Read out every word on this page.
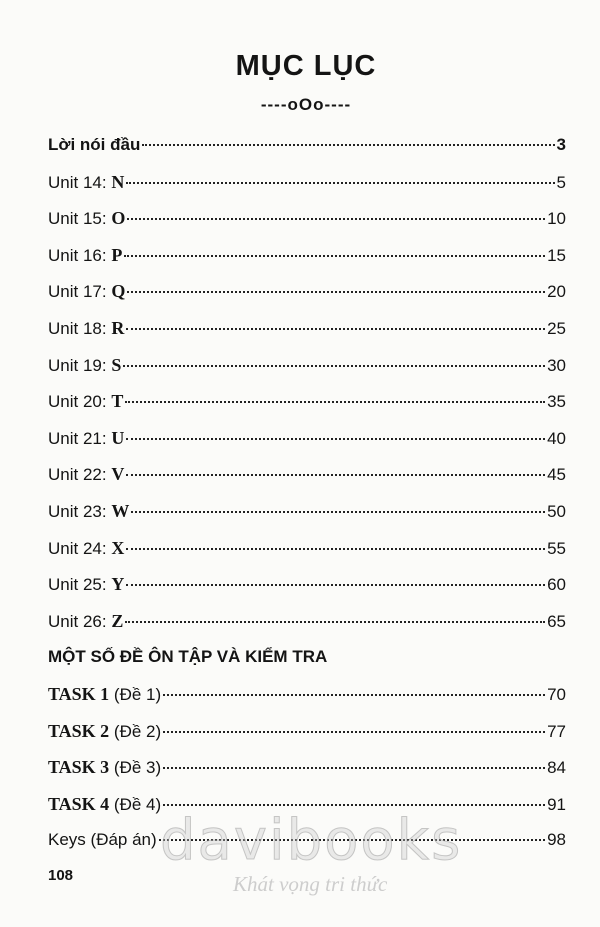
MỤC LỤC
----oOo----
Lời nói đầu	3
Unit 14: N	5
Unit 15: O	10
Unit 16: P	15
Unit 17: Q	20
Unit 18: R	25
Unit 19: S	30
Unit 20: T	35
Unit 21: U	40
Unit 22: V	45
Unit 23: W	50
Unit 24: X	55
Unit 25: Y	60
Unit 26: Z	65
MỘT SỐ ĐỀ ÔN TẬP VÀ KIỂM TRA
TASK 1 (Đề 1)	70
TASK 2 (Đề 2)	77
TASK 3 (Đề 3)	84
TASK 4 (Đề 4)	91
Keys (Đáp án)	98
108
davibooks
Khát vọng tri thức
